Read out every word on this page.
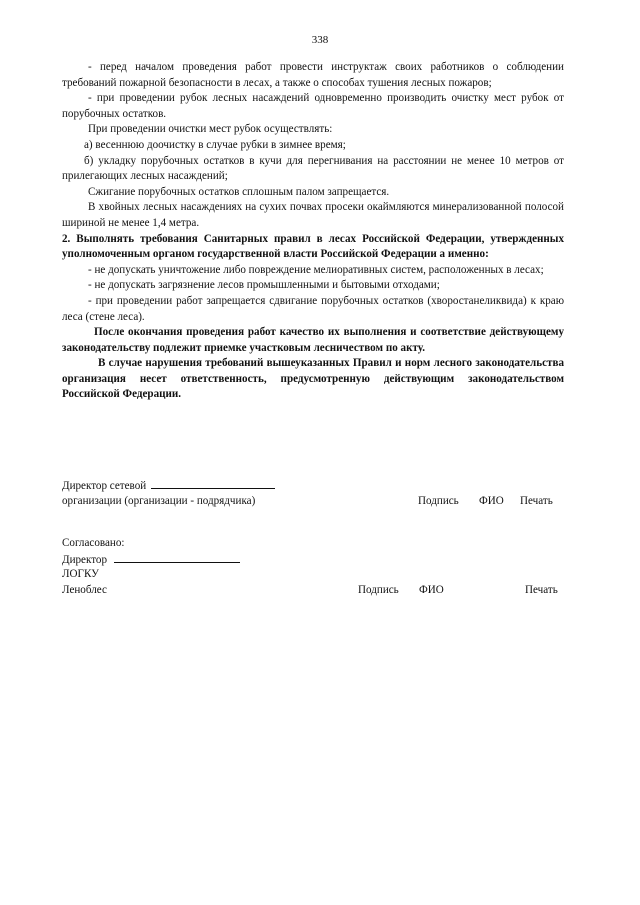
338

- перед началом проведения работ провести инструктаж своих работников о соблюдении требований пожарной безопасности в лесах, а также о способах тушения лесных пожаров;

- при проведении рубок лесных насаждений одновременно производить очистку мест рубок от порубочных остатков.

При проведении очистки мест рубок осуществлять:

а) весеннюю доочистку в случае рубки в зимнее время;

б) укладку порубочных остатков в кучи для перегнивания на расстоянии не менее 10 метров от прилегающих лесных насаждений;

Сжигание порубочных остатков сплошным палом запрещается.

В хвойных лесных насаждениях на сухих почвах просеки окаймляются минерализованной полосой шириной не менее 1,4 метра.

2. Выполнять требования Санитарных правил в лесах Российской Федерации, утвержденных уполномоченным органом государственной власти Российской Федерации а именно:

- не допускать уничтожение либо повреждение мелиоративных систем, расположенных в лесах;

- не допускать загрязнение лесов промышленными и бытовыми отходами;

- при проведении работ запрещается сдвигание порубочных остатков (хворостанеликвида) к краю леса (стене леса).

После окончания проведения работ качество их выполнения и соответствие действующему законодательству подлежит приемке участковым лесничеством по акту.

В случае нарушения требований вышеуказанных Правил и норм лесного законодательства организация несет ответственность, предусмотренную действующим законодательством Российской Федерации.

Директор сетевой
организации (организации - подрядчика)	Подпись ФИО Печать
Согласовано:
Директор
ЛОГКУ
Леноблес	Подпись ФИО	Печать
